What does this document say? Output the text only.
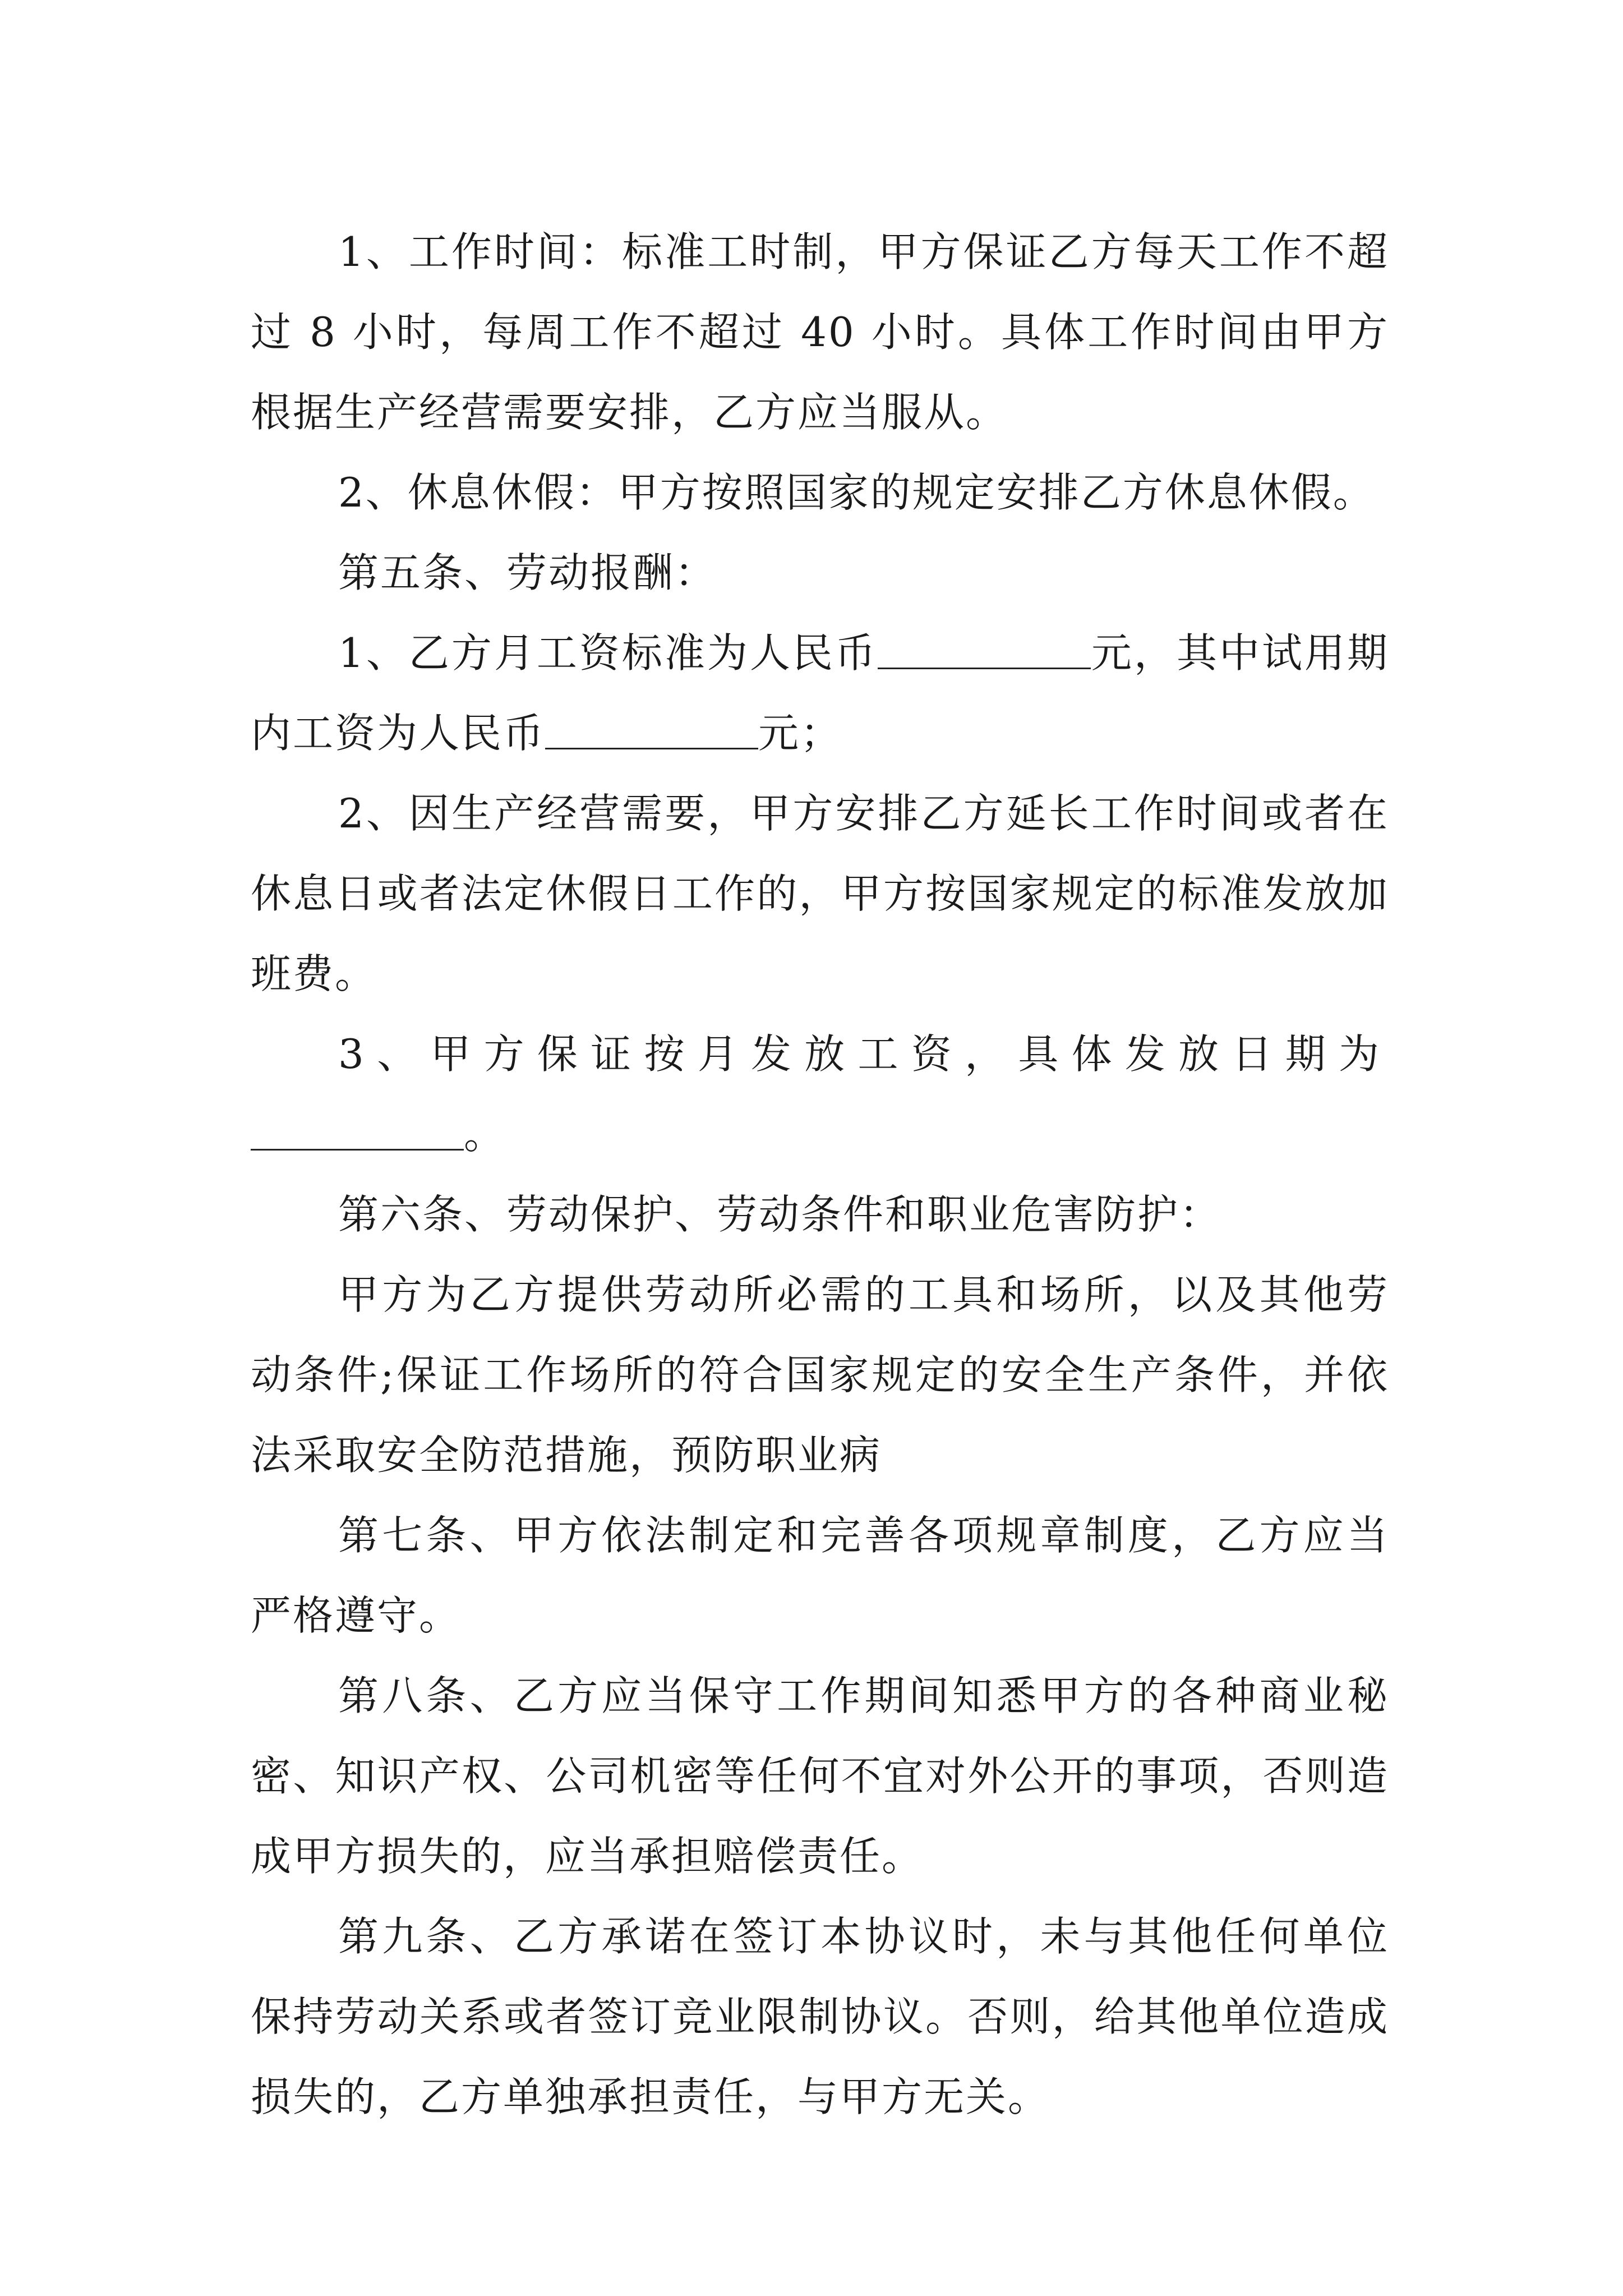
1、工作时间：标准工时制，甲方保证乙方每天工作不超过 8 小时，每周工作不超过 40 小时。具体工作时间由甲方根据生产经营需要安排，乙方应当服从。

2、休息休假：甲方按照国家的规定安排乙方休息休假。

第五条、劳动报酬：

1、乙方月工资标准为人民币	元，其中试用期内工资为人民币	元；

2、因生产经营需要，甲方安排乙方延长工作时间或者在休息日或者法定休假日工作的，甲方按国家规定的标准发放加班费。

3、甲方保证按月发放工资，具体发放日期为

。

第六条、劳动保护、劳动条件和职业危害防护：

甲方为乙方提供劳动所必需的工具和场所，以及其他劳动条件;保证工作场所的符合国家规定的安全生产条件，并依法采取安全防范措施，预防职业病

第七条、甲方依法制定和完善各项规章制度，乙方应当严格遵守。

第八条、乙方应当保守工作期间知悉甲方的各种商业秘密、知识产权、公司机密等任何不宜对外公开的事项，否则造成甲方损失的，应当承担赔偿责任。

第九条、乙方承诺在签订本协议时，未与其他任何单位保持劳动关系或者签订竞业限制协议。否则，给其他单位造成损失的，乙方单独承担责任，与甲方无关。
